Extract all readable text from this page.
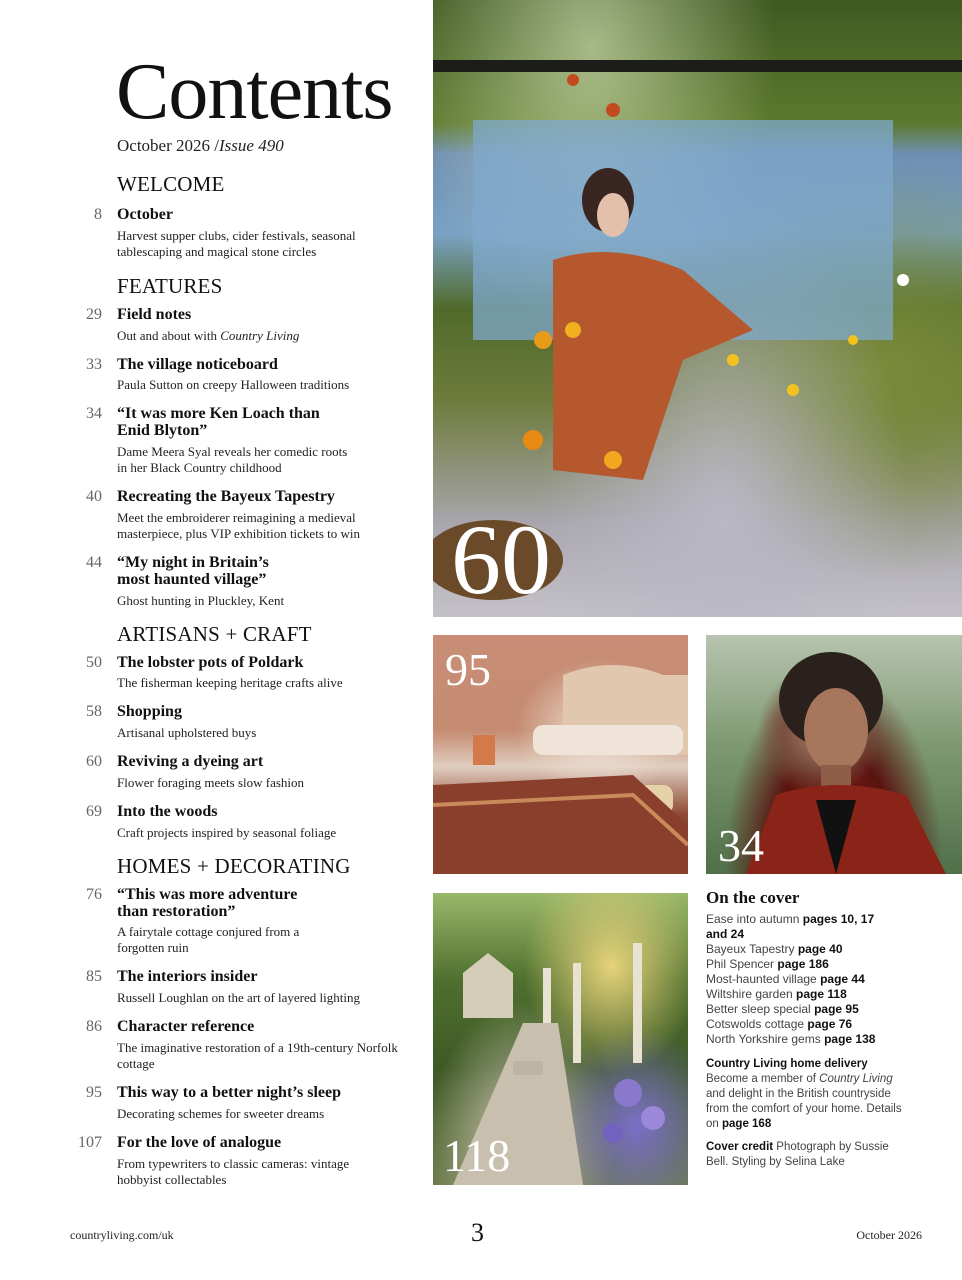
Contents
October 2026 /Issue 490
WELCOME
8 October
Harvest supper clubs, cider festivals, seasonal tablescaping and magical stone circles
FEATURES
29 Field notes
Out and about with Country Living
33 The village noticeboard
Paula Sutton on creepy Halloween traditions
34 “It was more Ken Loach than Enid Blyton”
Dame Meera Syal reveals her comedic roots in her Black Country childhood
40 Recreating the Bayeux Tapestry
Meet the embroiderer reimagining a medieval masterpiece, plus VIP exhibition tickets to win
44 “My night in Britain’s most haunted village”
Ghost hunting in Pluckley, Kent
ARTISANS + CRAFT
50 The lobster pots of Poldark
The fisherman keeping heritage crafts alive
58 Shopping
Artisanal upholstered buys
60 Reviving a dyeing art
Flower foraging meets slow fashion
69 Into the woods
Craft projects inspired by seasonal foliage
HOMES + DECORATING
76 “This was more adventure than restoration”
A fairytale cottage conjured from a forgotten ruin
85 The interiors insider
Russell Loughlan on the art of layered lighting
86 Character reference
The imaginative restoration of a 19th-century Norfolk cottage
95 This way to a better night’s sleep
Decorating schemes for sweeter dreams
107 For the love of analogue
From typewriters to classic cameras: vintage hobbyist collectables
60
95
34
118
On the cover
Ease into autumn pages 10, 17 and 24
Bayeux Tapestry page 40
Phil Spencer page 186
Most-haunted village page 44
Wiltshire garden page 118
Better sleep special page 95
Cotswolds cottage page 76
North Yorkshire gems page 138
Country Living home delivery
Become a member of Country Living and delight in the British countryside from the comfort of your home. Details on page 168
Cover credit Photograph by Sussie Bell. Styling by Selina Lake
countryliving.com/uk	3	October 2026
